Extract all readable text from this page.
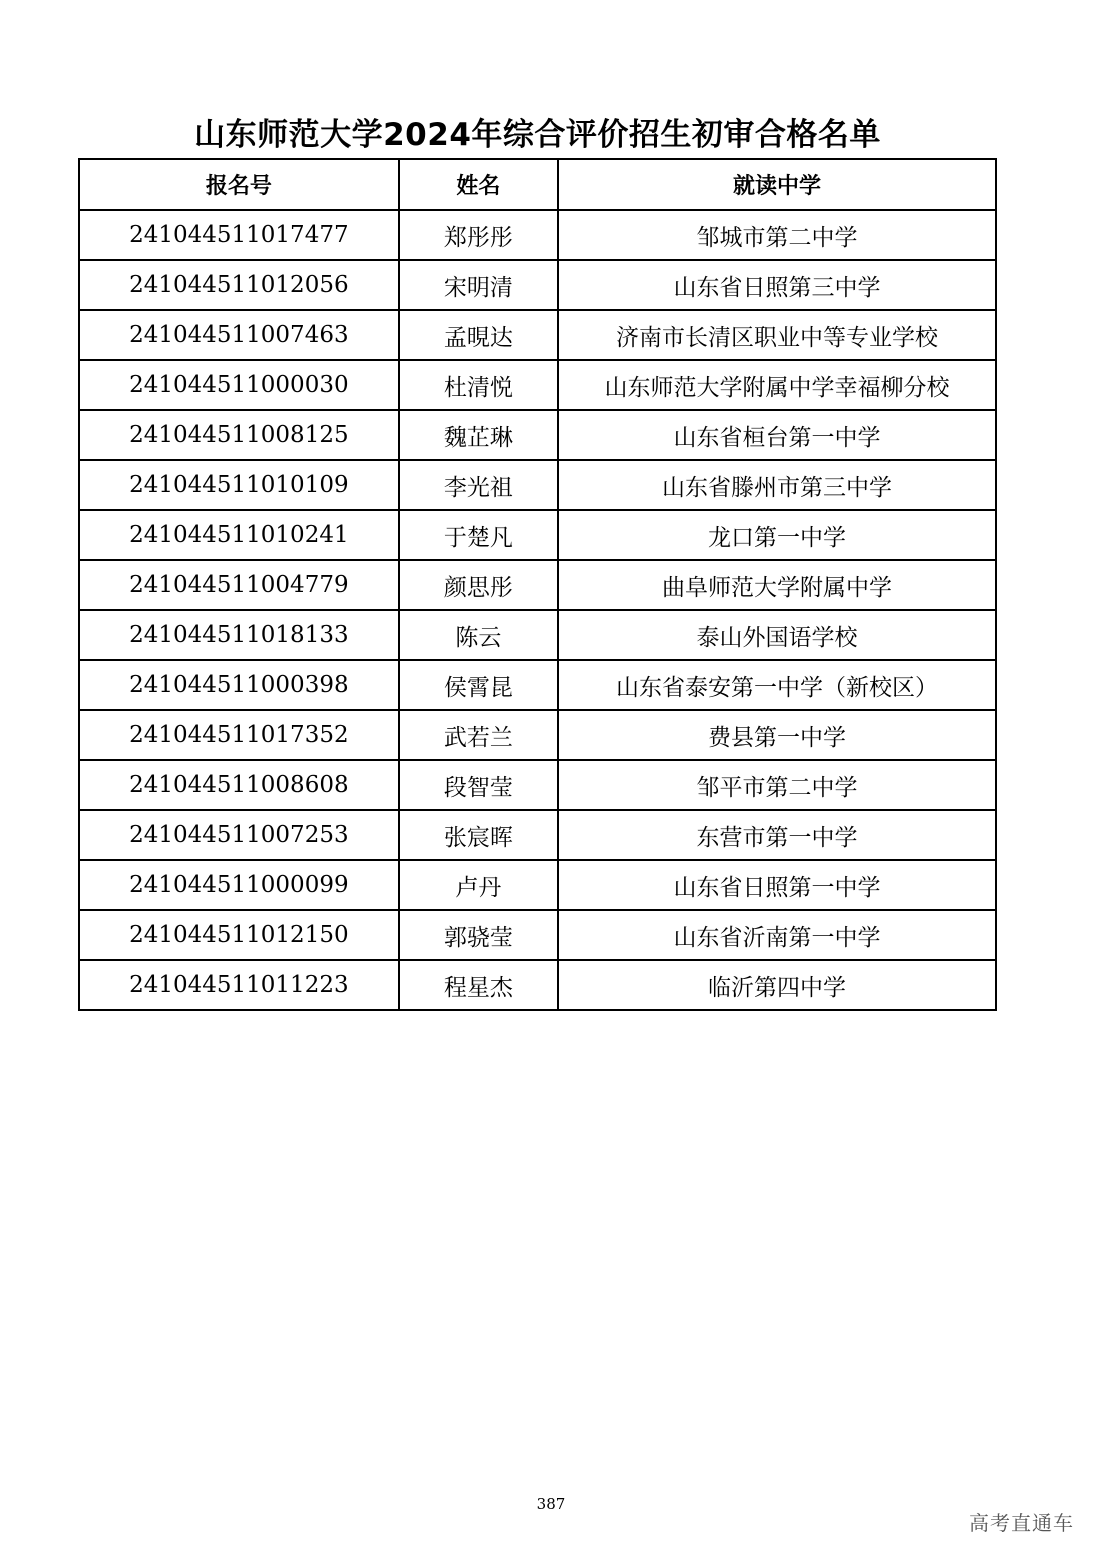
山东师范大学2024年综合评价招生初审合格名单
报名号	姓名	就读中学
241044511017477	郑彤彤	邹城市第二中学
241044511012056	宋明清	山东省日照第三中学
241044511007463	孟晛达	济南市长清区职业中等专业学校
241044511000030	杜清悦	山东师范大学附属中学幸福柳分校
241044511008125	魏芷琳	山东省桓台第一中学
241044511010109	李光祖	山东省滕州市第三中学
241044511010241	于楚凡	龙口第一中学
241044511004779	颜思彤	曲阜师范大学附属中学
241044511018133	陈云	泰山外国语学校
241044511000398	侯霄昆	山东省泰安第一中学（新校区）
241044511017352	武若兰	费县第一中学
241044511008608	段智莹	邹平市第二中学
241044511007253	张宸晖	东营市第一中学
241044511000099	卢丹	山东省日照第一中学
241044511012150	郭骁莹	山东省沂南第一中学
241044511011223	程星杰	临沂第四中学
387
高考直通车
